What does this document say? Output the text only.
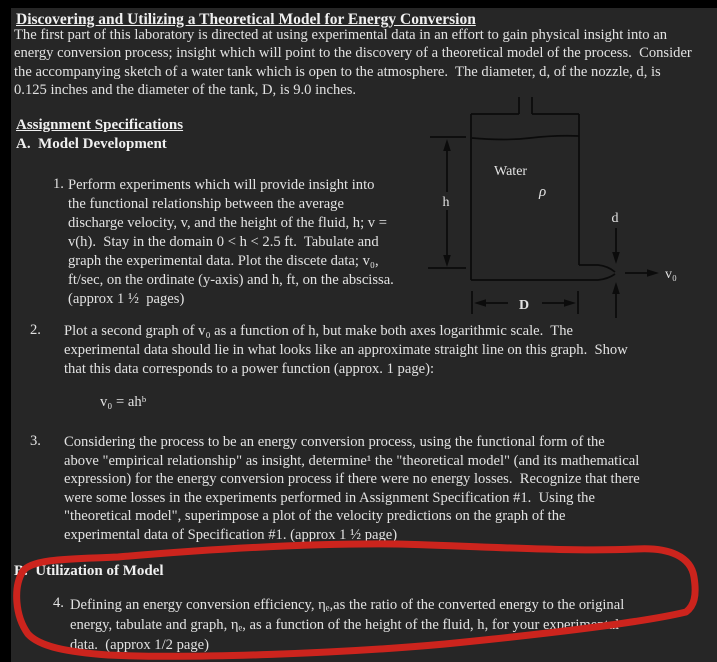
Discovering and Utilizing a Theoretical Model for Energy Conversion
The first part of this laboratory is directed at using experimental data in an effort to gain physical insight into an
energy conversion process; insight which will point to the discovery of a theoretical model of the process.  Consider
the accompanying sketch of a water tank which is open to the atmosphere.  The diameter, d, of the nozzle, d, is
0.125 inches and the diameter of the tank, D, is 9.0 inches.
Assignment Specifications
A.  Model Development
1. Perform experiments which will provide insight into
the functional relationship between the average
discharge velocity, v, and the height of the fluid, h; v =
v(h).  Stay in the domain 0 < h < 2.5 ft.  Tabulate and
graph the experimental data. Plot the discete data; v₀,
ft/sec, on the ordinate (y-axis) and h, ft, on the abscissa.
(approx 1 ½  pages)
2. Plot a second graph of v₀ as a function of h, but make both axes logarithmic scale.  The
experimental data should lie in what looks like an approximate straight line on this graph.  Show
that this data corresponds to a power function (approx. 1 page):
v₀ = ahᵇ
3. Considering the process to be an energy conversion process, using the functional form of the
above "empirical relationship" as insight, determine¹ the "theoretical model" (and its mathematical
expression) for the energy conversion process if there were no energy losses.  Recognize that there
were some losses in the experiments performed in Assignment Specification #1.  Using the
"theoretical model", superimpose a plot of the velocity predictions on the graph of the
experimental data of Specification #1. (approx 1 ½ page)
B.  Utilization of Model
4. Defining an energy conversion efficiency, ηₑ,as the ratio of the converted energy to the original
energy, tabulate and graph, ηₑ, as a function of the height of the fluid, h, for your experimental
data.  (approx 1/2 page)
h
Water
ρ
d
v₀
D
